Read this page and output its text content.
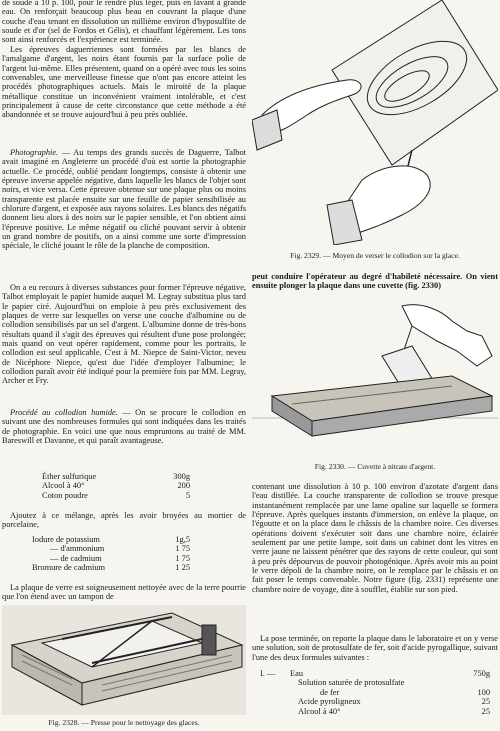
de soude à 10 p. 100, pour le rendre plus léger, puis en lavant à grande eau. On renforçait beaucoup plus beau en couvrant la plaque d'une couche d'eau tenant en dissolution un millième environ d'hyposulfite de soude et d'or (sel de Fordos et Gélis), et chauffant légèrement. Les tons sont ainsi renforcés et l'expérience est terminée.

Les épreuves daguerriennes sont formées par les blancs de l'amalgame d'argent, les noirs étant fournis par la surface polie de l'argent lui-même. Elles présentent, quand on a opéré avec tous les soins convenables, une merveilleuse finesse que n'ont pas encore atteint les procédés photographiques actuels. Mais le miroité de la plaque métallique constitue un inconvénient vraiment intolérable, et c'est principalement à cause de cette circonstance que cette méthode a été abandonnée et se trouve aujourd'hui à peu près oubliée.

Photographie. — Au temps des grands succès de Daguerre, Talbot avait imaginé en Angleterre un procédé d'où est sortie la photographie actuelle. Ce procédé, oublié pendant longtemps, consiste à obtenir une épreuve inverse appelée négative, dans laquelle les blancs de l'objet sont noirs, et vice versa. Cette épreuve obtenue sur une plaque plus ou moins transparente est placée ensuite sur une feuille de papier sensibilisée au chlorure d'argent, et exposée aux rayons solaires. Les blancs des négatifs donnent lieu alors à des noirs sur le papier sensible, et l'on obtient ainsi l'épreuve positive. Le même négatif ou cliché pouvant servir à obtenir un grand nombre de positifs, on a ainsi comme une sorte d'impression spéciale, le cliché jouant le rôle de la planche de composition.

On a eu recours à diverses substances pour former l'épreuve négative, Talbot employait le papier humide auquel M. Legray substitua plus tard le papier ciré. Aujourd'hui on emploie à peu près exclusivement des plaques de verre sur lesquelles on verse une couche d'albumine ou de collodion sensibilisés par un sel d'argent. L'albumine donne de très-bons résultats quand il s'agit des épreuves qui résultent d'une pose prolongée; mais quand on veut opérer rapidement, comme pour les portraits, le collodion est seul applicable. C'est à M. Niepce de Saint-Victor, neveu de Nicéphore Niepce, qu'est due l'idée d'employer l'albumine; le collodion paraît avoir été indiqué pour la première fois par MM. Legray, Archer et Fry.

Procédé au collodion humide. — On se procure le collodion en suivant une des nombreuses formules qui sont indiquées dans les traités de photographie. En voici une que nous empruntons au traité de MM. Bareswill et Davanne, et qui paraît avantageuse.

Éther sulfurique	300g
Alcool à 40°	200
Coton poudre	5

Ajoutez à ce mélange, après les avoir broyées au mortier de porcelaine,

Iodure de potassium	1g,5
— d'ammonium	1 75
— de cadmium	1 75
Bromure de cadmium	1 25

La plaque de verre est soigneusement nettoyée avec de la terre pourrie que l'on étend avec un tampon de

Fig. 2328. — Presse pour le nettoyage des glaces.
Fig. 2329. — Moyen de verser le collodion sur la glace.

peut conduire l'opérateur au degré d'habileté nécessaire. On vient ensuite plonger la plaque dans une cuvette (fig. 2330)

Fig. 2330. — Cuvette à nitrate d'argent.

contenant une dissolution à 10 p. 100 environ d'azotate d'argent dans l'eau distillée. La couche transparente de collodion se trouve presque instantanément remplacée par une lame opaline sur laquelle se formera l'épreuve. Après quelques instants d'immersion, on enlève la plaque, on l'égoutte et on la place dans le châssis de la chambre noire. Ces diverses opérations doivent s'exécuter soit dans une chambre noire, éclairée seulement par une petite lampe, soit dans un cabinet dont les vitres en verre jaune ne laissent pénétrer que des rayons de cette couleur, qui sont à peu près dépourvus de pouvoir photogénique. Après avoir mis au point le verre dépoli de la chambre noire, on le remplace par le châssis et on fait poser le temps convenable. Notre figure (fig. 2331) représente une chambre noire de voyage, dite à soufflet, établie sur son pied.

La pose terminée, on reporte la plaque dans le laboratoire et on y verse une solution, soit de protosulfate de fer, soit d'acide pyrogallique, suivant l'une des deux formules suivantes :

I. — Eau	750g
Solution saturée de protosulfate	
de fer	100
Acide pyroligneux	25
Alcool à 40°	25
